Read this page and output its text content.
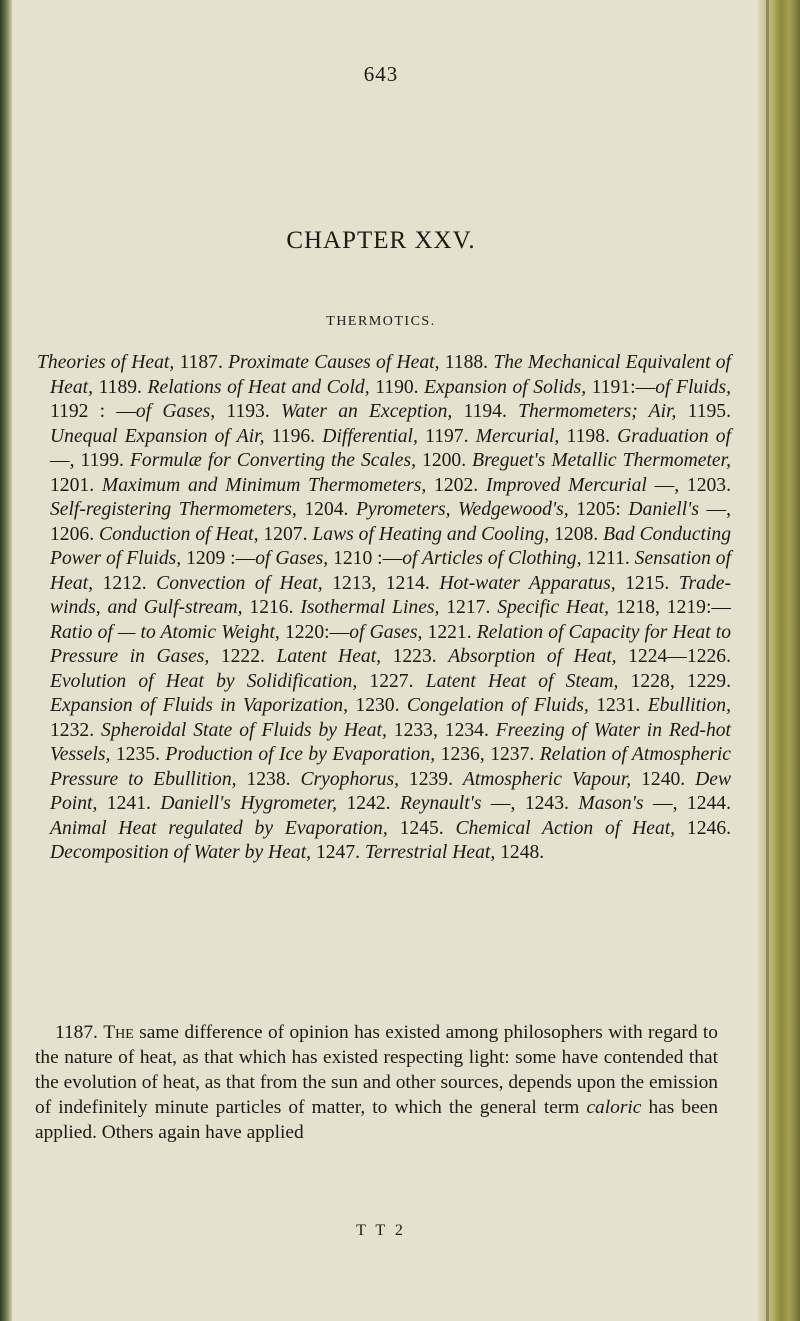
643
CHAPTER XXV.
THERMOTICS.
Theories of Heat, 1187. Proximate Causes of Heat, 1188. The Mechanical Equivalent of Heat, 1189. Relations of Heat and Cold, 1190. Expansion of Solids, 1191:—of Fluids, 1192 : —of Gases, 1193. Water an Exception, 1194. Thermometers; Air, 1195. Unequal Expansion of Air, 1196. Differential, 1197. Mercurial, 1198. Graduation of —, 1199. Formulæ for Converting the Scales, 1200. Breguet's Metallic Thermometer, 1201. Maximum and Minimum Thermometers, 1202. Improved Mercurial —, 1203. Self-registering Thermometers, 1204. Pyrometers, Wedgewood's, 1205: Daniell's —, 1206. Conduction of Heat, 1207. Laws of Heating and Cooling, 1208. Bad Conducting Power of Fluids, 1209 :—of Gases, 1210 :—of Articles of Clothing, 1211. Sensation of Heat, 1212. Convection of Heat, 1213, 1214. Hot-water Apparatus, 1215. Trade-winds, and Gulf-stream, 1216. Isothermal Lines, 1217. Specific Heat, 1218, 1219:—Ratio of — to Atomic Weight, 1220:—of Gases, 1221. Relation of Capacity for Heat to Pressure in Gases, 1222. Latent Heat, 1223. Absorption of Heat, 1224—1226. Evolution of Heat by Solidification, 1227. Latent Heat of Steam, 1228, 1229. Expansion of Fluids in Vaporization, 1230. Congelation of Fluids, 1231. Ebullition, 1232. Spheroidal State of Fluids by Heat, 1233, 1234. Freezing of Water in Red-hot Vessels, 1235. Production of Ice by Evaporation, 1236, 1237. Relation of Atmospheric Pressure to Ebullition, 1238. Cryophorus, 1239. Atmospheric Vapour, 1240. Dew Point, 1241. Daniell's Hygrometer, 1242. Reynault's —, 1243. Mason's —, 1244. Animal Heat regulated by Evaporation, 1245. Chemical Action of Heat, 1246. Decomposition of Water by Heat, 1247. Terrestrial Heat, 1248.
1187. The same difference of opinion has existed among philosophers with regard to the nature of heat, as that which has existed respecting light: some have contended that the evolution of heat, as that from the sun and other sources, depends upon the emission of indefinitely minute particles of matter, to which the general term caloric has been applied. Others again have applied
T T 2
